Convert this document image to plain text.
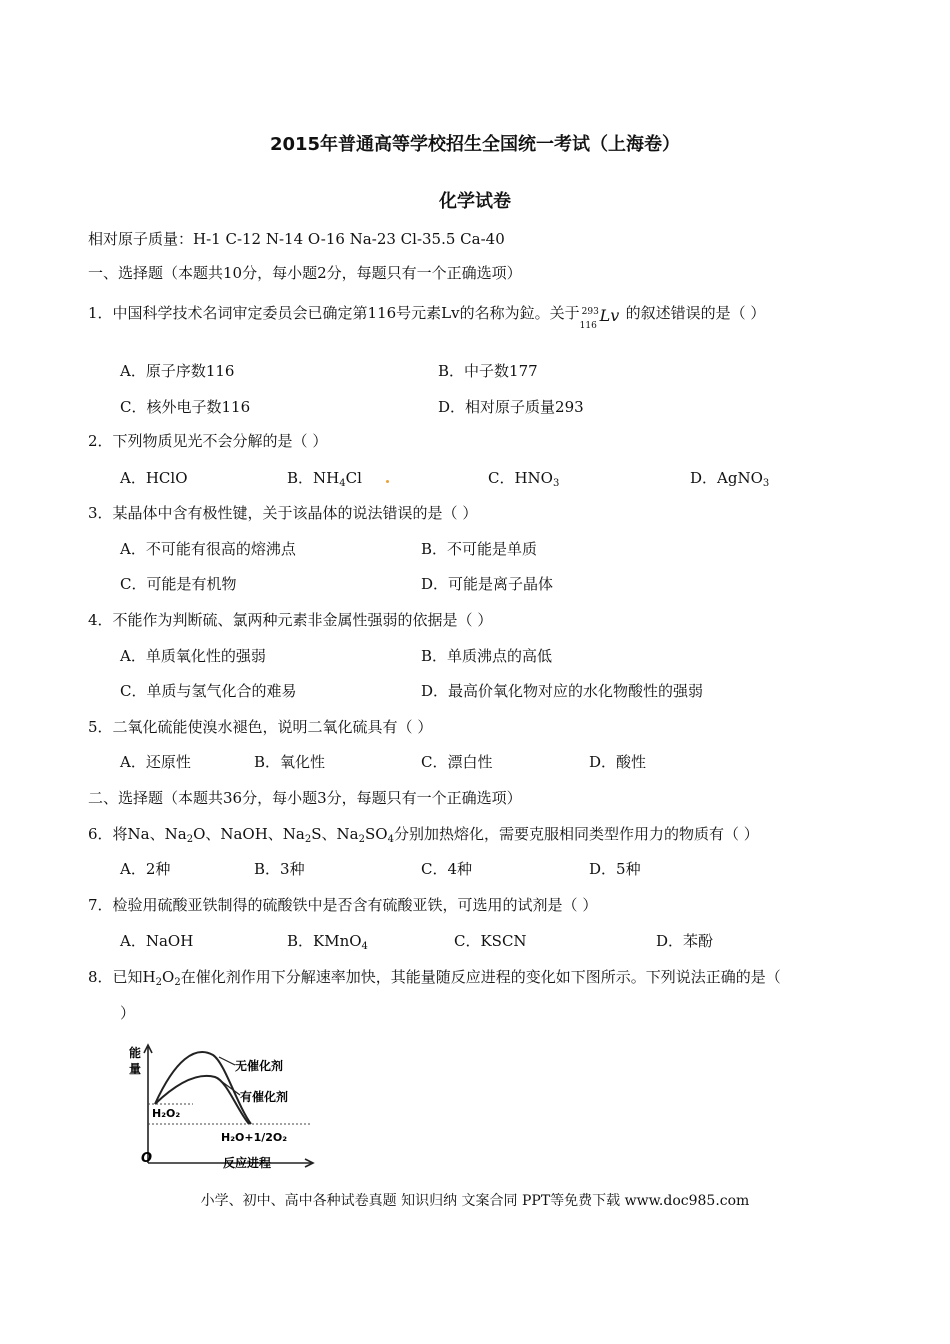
2015年普通高等学校招生全国统一考试（上海卷）
化学试卷
相对原子质量：H-1 C-12 N-14 O-16 Na-23 Cl-35.5 Ca-40
一、选择题（本题共10分，每小题2分，每题只有一个正确选项）
1．中国科学技术名词审定委员会已确定第116号元素Lv的名称为鉝。关于 293
116
Lv 的叙述错误的是（ ）
A．原子序数116	B．中子数177
C．核外电子数116	D．相对原子质量293
2．下列物质见光不会分解的是（ ）
A．HClO	B．$NH_4Cl$	C．$HNO_3$	D．AgNO$_3$
3．某晶体中含有极性键，关于该晶体的说法错误的是（ ）
A．不可能有很高的熔沸点	B．不可能是单质
C．可能是有机物	D．可能是离子晶体
4．不能作为判断硫、氯两种元素非金属性强弱的依据是（ ）
A．单质氧化性的强弱	B．单质沸点的高低
C．单质与氢气化合的难易	D．最高价氧化物对应的水化物酸性的强弱
5．二氧化硫能使溴水褪色，说明二氧化硫具有（ ）
A．还原性	B．氧化性	C．漂白性	D．酸性
二、选择题（本题共36分，每小题3分，每题只有一个正确选项）
6．将Na、$Na_2O$、NaOH、$Na_2S$、$Na_2SO_4$分别加热熔化，需要克服相同类型作用力的物质有（ ）
A．2种	B．3种	C．4种	D．5种
7．检验用硫酸亚铁制得的硫酸铁中是否含有硫酸亚铁，可选用的试剂是（ ）
A．NaOH	B．KMnO$_4$	C．KSCN	D．苯酚
8．已知$H_2O_2$在催化剂作用下分解速率加快，其能量随反应进程的变化如下图所示。下列说法正确的是（
）
能
量	无催化剂
有催化剂
H₂O₂
H₂O+1/2O₂
O	反应进程
小学、初中、高中各种试卷真题 知识归纳 文案合同 PPT等免费下载 www.doc985.com
